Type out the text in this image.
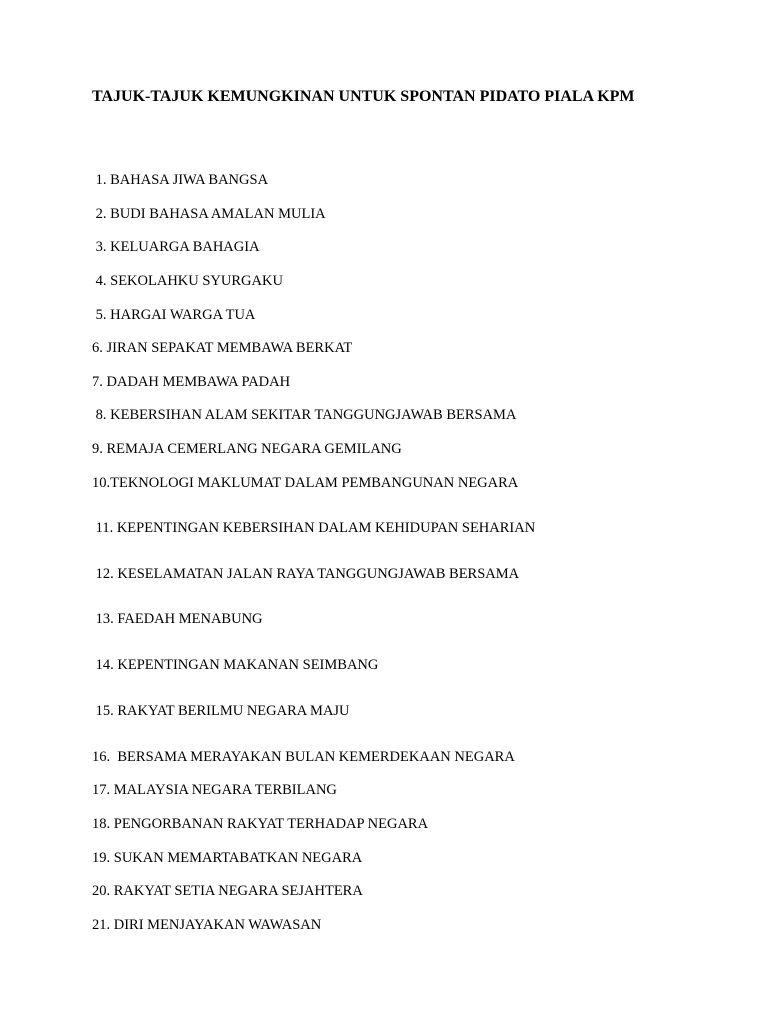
TAJUK-TAJUK KEMUNGKINAN UNTUK SPONTAN PIDATO PIALA KPM
1. BAHASA JIWA BANGSA
2. BUDI BAHASA AMALAN MULIA
3. KELUARGA BAHAGIA
4. SEKOLAHKU SYURGAKU
5. HARGAI WARGA TUA
6. JIRAN SEPAKAT MEMBAWA BERKAT
7. DADAH MEMBAWA PADAH
8. KEBERSIHAN ALAM SEKITAR TANGGUNGJAWAB BERSAMA
9. REMAJA CEMERLANG NEGARA GEMILANG
10.TEKNOLOGI MAKLUMAT DALAM PEMBANGUNAN NEGARA
11. KEPENTINGAN KEBERSIHAN DALAM KEHIDUPAN SEHARIAN
12. KESELAMATAN JALAN RAYA TANGGUNGJAWAB BERSAMA
13. FAEDAH MENABUNG
14. KEPENTINGAN MAKANAN SEIMBANG
15. RAKYAT BERILMU NEGARA MAJU
16.  BERSAMA MERAYAKAN BULAN KEMERDEKAAN NEGARA
17. MALAYSIA NEGARA TERBILANG
18. PENGORBANAN RAKYAT TERHADAP NEGARA
19. SUKAN MEMARTABATKAN NEGARA
20. RAKYAT SETIA NEGARA SEJAHTERA
21. DIRI MENJAYAKAN WAWASAN
